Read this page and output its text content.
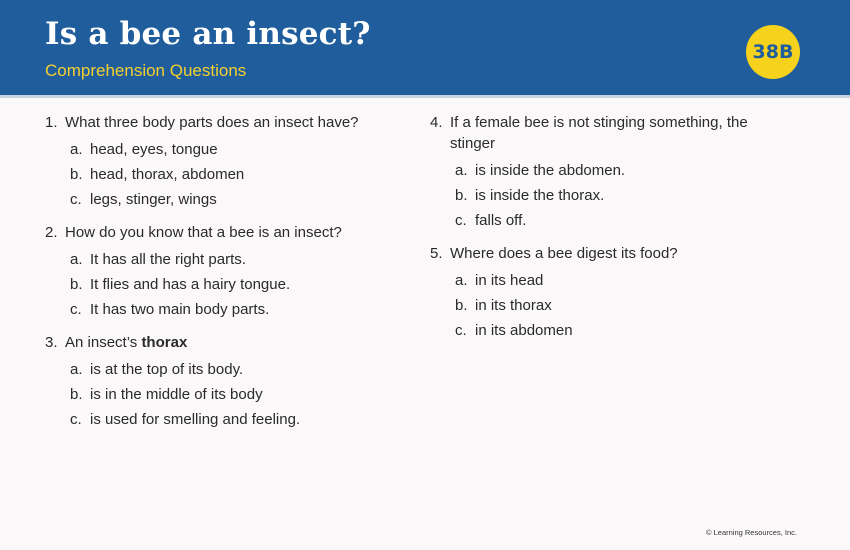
Is a bee an insect?
Comprehension Questions
38B
1. What three body parts does an insect have?
a. head, eyes, tongue
b. head, thorax, abdomen
c. legs, stinger, wings
2. How do you know that a bee is an insect?
a. It has all the right parts.
b. It flies and has a hairy tongue.
c. It has two main body parts.
3. An insect’s thorax
a. is at the top of its body.
b. is in the middle of its body
c. is used for smelling and feeling.
4. If a female bee is not stinging something, the stinger
a. is inside the abdomen.
b. is inside the thorax.
c. falls off.
5. Where does a bee digest its food?
a. in its head
b. in its thorax
c. in its abdomen
© Learning Resources, Inc.
